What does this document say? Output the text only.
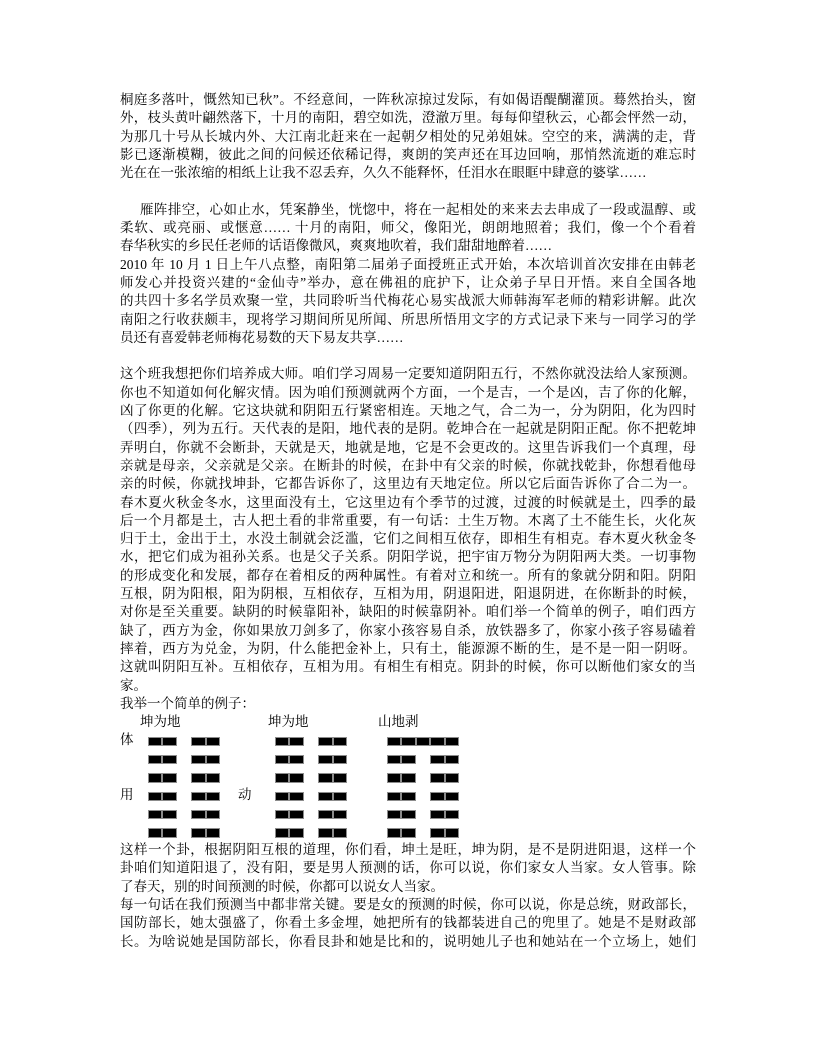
桐庭多落叶，慨然知已秋”。不经意间，一阵秋凉掠过发际，有如偈语醍醐灌顶。蓦然抬头，窗
外，枝头黄叶翩然落下，十月的南阳，碧空如洗，澄澈万里。每每仰望秋云，心都会怦然一动，
为那几十号从长城内外、大江南北赶来在一起朝夕相处的兄弟姐妹。空空的来，满满的走，背
影已逐渐模糊，彼此之间的问候还依稀记得，爽朗的笑声还在耳边回响，那悄然流逝的难忘时
光在在一张浓缩的相纸上让我不忍丢弃，久久不能释怀，任泪水在眼眶中肆意的婆挲……
雁阵排空，心如止水，凭案静坐，恍惚中，将在一起相处的来来去去串成了一段或温醇、或
柔软、或亮丽、或惬意…… 十月的南阳，师父，像阳光，朗朗地照着；我们，像一个个看着
春华秋实的乡民任老师的话语像微风，爽爽地吹着，我们甜甜地醉着……
2010 年 10 月 1 日上午八点整，南阳第二届弟子面授班正式开始，本次培训首次安排在由韩老
师发心并投资兴建的“金仙寺”举办，意在佛祖的庇护下，让众弟子早日开悟。来自全国各地
的共四十多名学员欢聚一堂，共同聆听当代梅花心易实战派大师韩海军老师的精彩讲解。此次
南阳之行收获颇丰，现将学习期间所见所闻、所思所悟用文字的方式记录下来与一同学习的学
员还有喜爱韩老师梅花易数的天下易友共享……
这个班我想把你们培养成大师。咱们学习周易一定要知道阴阳五行，不然你就没法给人家预测。
你也不知道如何化解灾情。因为咱们预测就两个方面，一个是吉，一个是凶，吉了你的化解，
凶了你更的化解。它这块就和阴阳五行紧密相连。天地之气，合二为一，分为阴阳，化为四时
（四季），列为五行。天代表的是阳，地代表的是阴。乾坤合在一起就是阴阳正配。你不把乾坤
弄明白，你就不会断卦，天就是天，地就是地，它是不会更改的。这里告诉我们一个真理，母
亲就是母亲，父亲就是父亲。在断卦的时候，在卦中有父亲的时候，你就找乾卦，你想看他母
亲的时候，你就找坤卦，它都告诉你了，这里边有天地定位。所以它后面告诉你了合二为一。
春木夏火秋金冬水，这里面没有土，它这里边有个季节的过渡，过渡的时候就是土，四季的最
后一个月都是土，古人把土看的非常重要，有一句话：土生万物。木离了土不能生长，火化灰
归于土，金出于土，水没土制就会泛滥，它们之间相互依存，即相生有相克。春木夏火秋金冬
水，把它们成为祖孙关系。也是父子关系。阴阳学说，把宇宙万物分为阴阳两大类。一切事物
的形成变化和发展，都存在着相反的两种属性。有着对立和统一。所有的象就分阴和阳。阴阳
互根，阴为阳根，阳为阴根，互相依存，互相为用，阴退阳进，阳退阴进，在你断卦的时候，
对你是至关重要。缺阴的时候靠阳补，缺阳的时候靠阴补。咱们举一个简单的例子，咱们西方
缺了，西方为金，你如果放刀剑多了，你家小孩容易自杀，放铁器多了，你家小孩子容易磕着
摔着，西方为兑金，为阴，什么能把金补上，只有土，能源源不断的生，是不是一阳一阴呀。
这就叫阴阳互补。互相依存，互相为用。有相生有相克。阴卦的时候，你可以断他们家女的当
家。
我举一个简单的例子：
坤为地	坤为地	山地剥
体
用	动
这样一个卦，根据阴阳互根的道理，你们看，坤土是旺，坤为阴，是不是阴进阳退，这样一个
卦咱们知道阳退了，没有阳，要是男人预测的话，你可以说，你们家女人当家。女人管事。除
了春天，别的时间预测的时候，你都可以说女人当家。
每一句话在我们预测当中都非常关键。要是女的预测的时候，你可以说，你是总统，财政部长，
国防部长，她太强盛了，你看土多金埋，她把所有的钱都装进自己的兜里了。她是不是财政部
长。为啥说她是国防部长，你看艮卦和她是比和的，说明她儿子也和她站在一个立场上，她们
